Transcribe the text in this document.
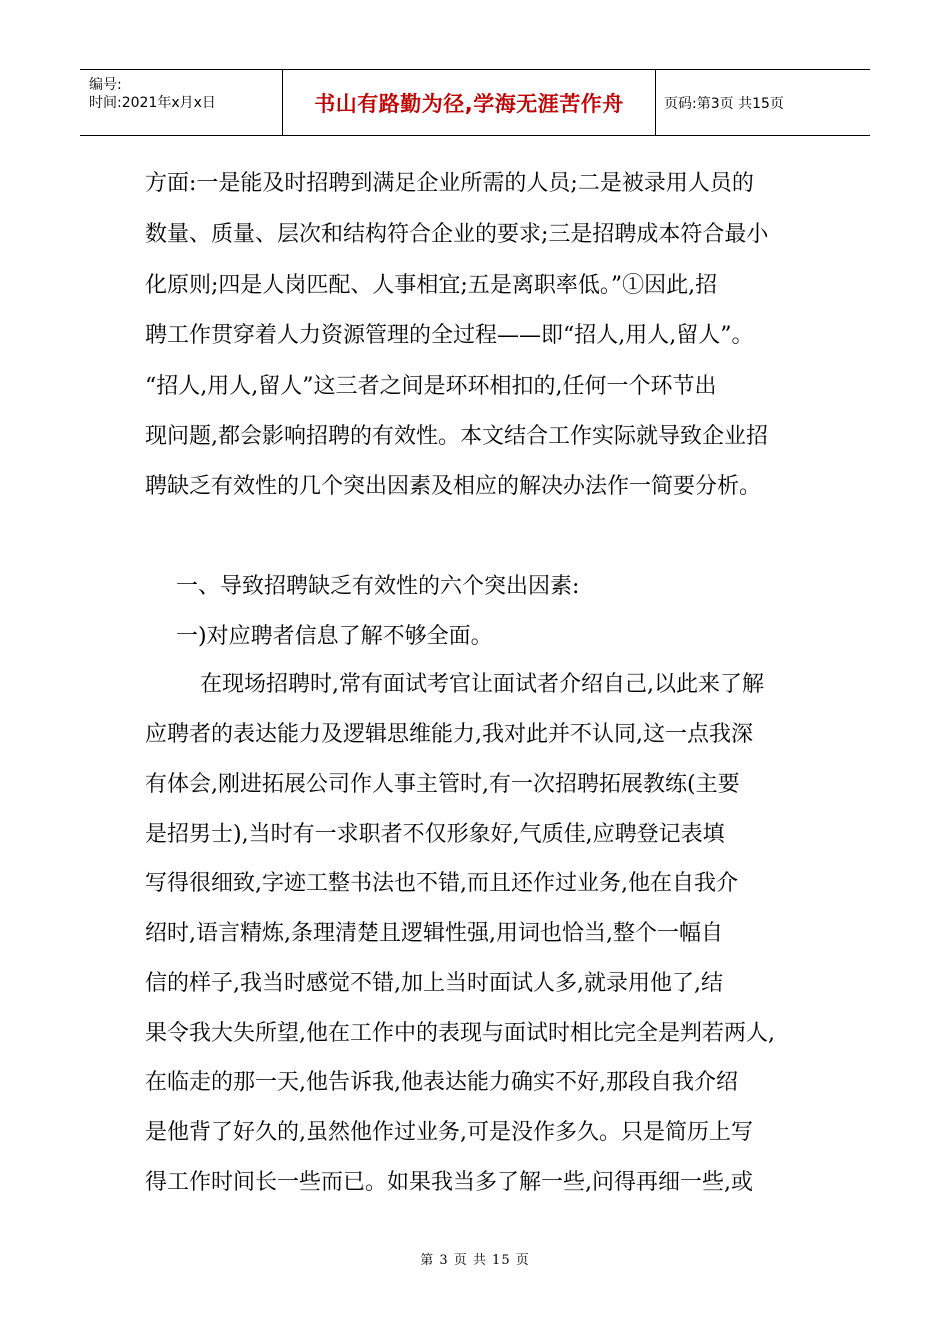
编号:
时间:2021年x月x日	书山有路勤为径,学海无涯苦作舟	页码:第3页 共15页
方面:一是能及时招聘到满足企业所需的人员;二是被录用人员的
数量、质量、层次和结构符合企业的要求;三是招聘成本符合最小
化原则;四是人岗匹配、人事相宜;五是离职率低。”①因此,招
聘工作贯穿着人力资源管理的全过程——即“招人,用人,留人”。
“招人,用人,留人”这三者之间是环环相扣的,任何一个环节出
现问题,都会影响招聘的有效性。本文结合工作实际就导致企业招
聘缺乏有效性的几个突出因素及相应的解决办法作一简要分析。
一、导致招聘缺乏有效性的六个突出因素:
一)对应聘者信息了解不够全面。
在现场招聘时,常有面试考官让面试者介绍自己,以此来了解
应聘者的表达能力及逻辑思维能力,我对此并不认同,这一点我深
有体会,刚进拓展公司作人事主管时,有一次招聘拓展教练(主要
是招男士),当时有一求职者不仅形象好,气质佳,应聘登记表填
写得很细致,字迹工整书法也不错,而且还作过业务,他在自我介
绍时,语言精炼,条理清楚且逻辑性强,用词也恰当,整个一幅自
信的样子,我当时感觉不错,加上当时面试人多,就录用他了,结
果令我大失所望,他在工作中的表现与面试时相比完全是判若两人,
在临走的那一天,他告诉我,他表达能力确实不好,那段自我介绍
是他背了好久的,虽然他作过业务,可是没作多久。只是简历上写
得工作时间长一些而已。如果我当多了解一些,问得再细一些,或
第 3 页 共 15 页
